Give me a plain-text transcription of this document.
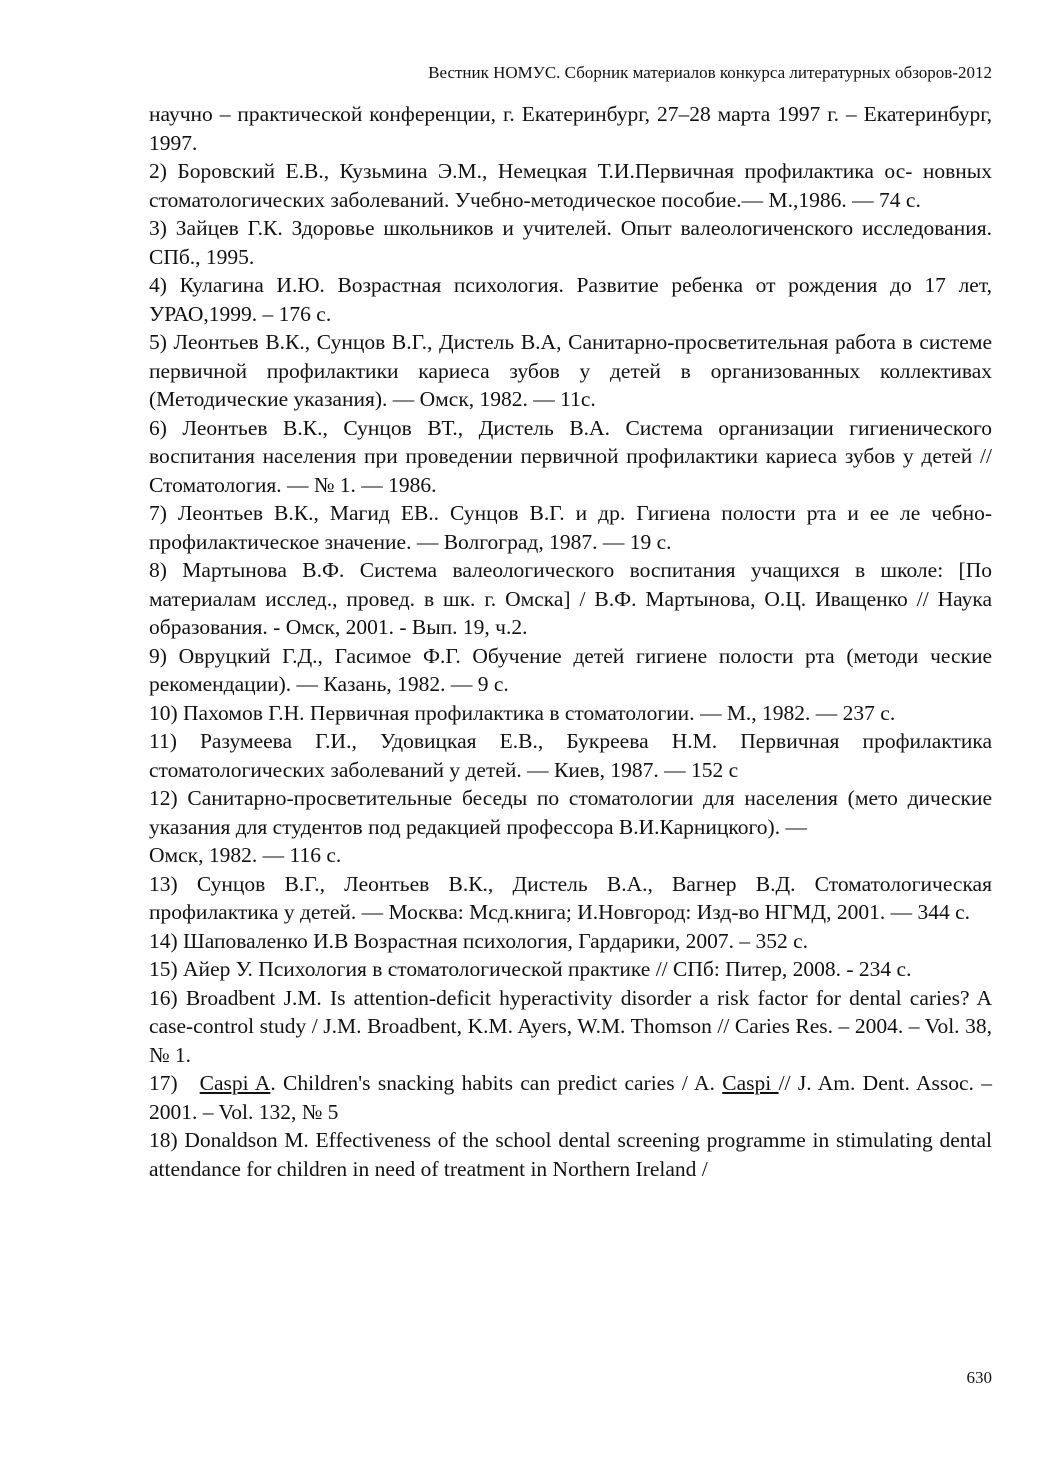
Вестник НОМУС. Сборник материалов конкурса литературных обзоров-2012

научно – практической конференции, г. Екатеринбург, 27–28 марта 1997 г. – Екатеринбург, 1997.

2) Боровский Е.В., Кузьмина Э.М., Немецкая Т.И.Первичная профилактика ос- новных стоматологических заболеваний. Учебно-методическое пособие.— М.,1986. — 74 с.

3) Зайцев Г.К. Здоровье школьников и учителей. Опыт валеологиченского исследования. СПб., 1995.

4) Кулагина И.Ю. Возрастная психология. Развитие ребенка от рождения до 17 лет, УРАО,1999. – 176 с.

5) Леонтьев В.К., Сунцов В.Г., Дистель В.А, Санитарно-просветительная работа в системе первичной профилактики кариеса зубов у детей в организованных коллективах (Методические указания). — Омск, 1982. — 11с.

6) Леонтьев В.К., Сунцов ВТ., Дистель В.А. Система организации гигиенического воспитания населения при проведении первичной профилактики кариеса зубов у детей //Стоматология. — № 1. — 1986.

7) Леонтьев В.К., Магид ЕВ.. Сунцов В.Г. и др. Гигиена полости рта и ее ле чебно-профилактическое значение. — Волгоград, 1987. — 19 с.

8) Мартынова В.Ф. Система валеологического воспитания учащихся в школе: [По материалам исслед., провед. в шк. г. Омска] / В.Ф. Мартынова, О.Ц. Иващенко // Наука образования. - Омск, 2001. - Вып. 19, ч.2.

9) Овруцкий Г.Д., Гасимое Ф.Г. Обучение детей гигиене полости рта (методи ческие рекомендации). — Казань, 1982. — 9 с.

10) Пахомов Г.Н. Первичная профилактика в стоматологии. — М., 1982. — 237 с.

11) Разумеева Г.И., Удовицкая Е.В., Букреева Н.М. Первичная профилактика стоматологических заболеваний у детей. — Киев, 1987. — 152 с

12) Санитарно-просветительные беседы по стоматологии для населения (мето дические указания для студентов под редакцией профессора В.И.Карницкого). —

Омск, 1982. — 116 с.

13) Сунцов В.Г., Леонтьев В.К., Дистель В.А., Вагнер В.Д. Стоматологическая профилактика у детей. — Москва: Мсд.книга; И.Новгород: Изд-во НГМД, 2001. — 344 с.

14) Шаповаленко И.В Возрастная психология, Гардарики, 2007. – 352 с.

15) Айер У. Психология в стоматологической практике // СПб: Питер, 2008. - 234 с.

16) Broadbent J.M. Is attention-deficit hyperactivity disorder a risk factor for dental caries? A case-control study / J.M. Broadbent, K.M. Ayers, W.M. Thomson // Caries Res. – 2004. – Vol. 38, № 1.

17) Caspi A. Children's snacking habits can predict caries / A. Caspi // J. Am. Dent. Assoc. – 2001. – Vol. 132, № 5

18) Donaldson M. Effectiveness of the school dental screening programme in stimulating dental attendance for children in need of treatment in Northern Ireland /

630
